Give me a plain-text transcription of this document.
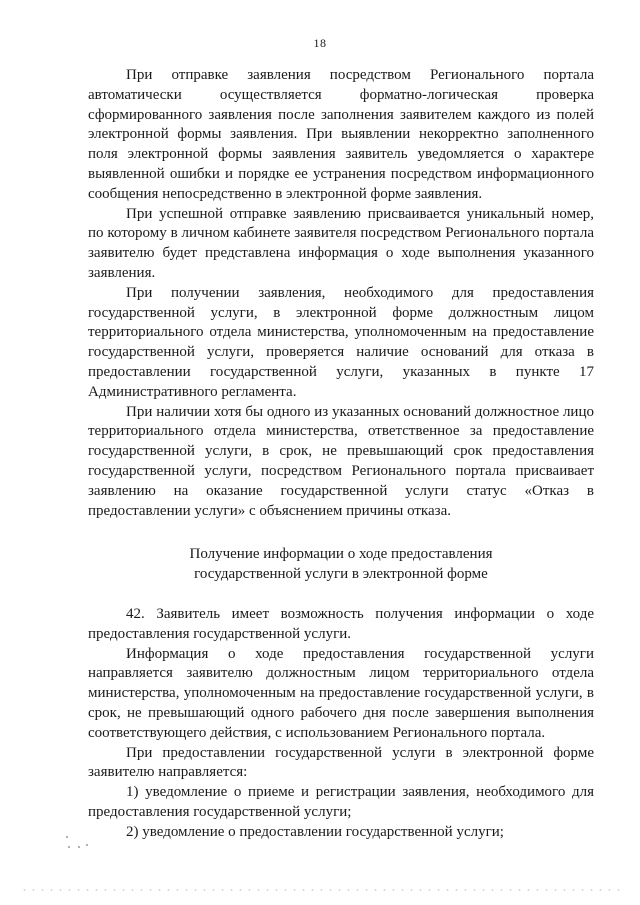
18

При отправке заявления посредством Регионального портала автоматически осуществляется форматно-логическая проверка сформированного заявления после заполнения заявителем каждого из полей электронной формы заявления. При выявлении некорректно заполненного поля электронной формы заявления заявитель уведомляется о характере выявленной ошибки и порядке ее устранения посредством информационного сообщения непосредственно в электронной форме заявления.

При успешной отправке заявлению присваивается уникальный номер, по которому в личном кабинете заявителя посредством Регионального портала заявителю будет представлена информация о ходе выполнения указанного заявления.

При получении заявления, необходимого для предоставления государственной услуги, в электронной форме должностным лицом территориального отдела министерства, уполномоченным на предоставление государственной услуги, проверяется наличие оснований для отказа в предоставлении государственной услуги, указанных в пункте 17 Административного регламента.

При наличии хотя бы одного из указанных оснований должностное лицо территориального отдела министерства, ответственное за предоставление государственной услуги, в срок, не превышающий срок предоставления государственной услуги, посредством Регионального портала присваивает заявлению на оказание государственной услуги статус «Отказ в предоставлении услуги» с объяснением причины отказа.

Получение информации о ходе предоставления
государственной услуги в электронной форме

42. Заявитель имеет возможность получения информации о ходе предоставления государственной услуги.

Информация о ходе предоставления государственной услуги направляется заявителю должностным лицом территориального отдела министерства, уполномоченным на предоставление государственной услуги, в срок, не превышающий одного рабочего дня после завершения выполнения соответствующего действия, с использованием Регионального портала.

При предоставлении государственной услуги в электронной форме заявителю направляется:

1) уведомление о приеме и регистрации заявления, необходимого для предоставления государственной услуги;

2) уведомление о предоставлении государственной услуги;
